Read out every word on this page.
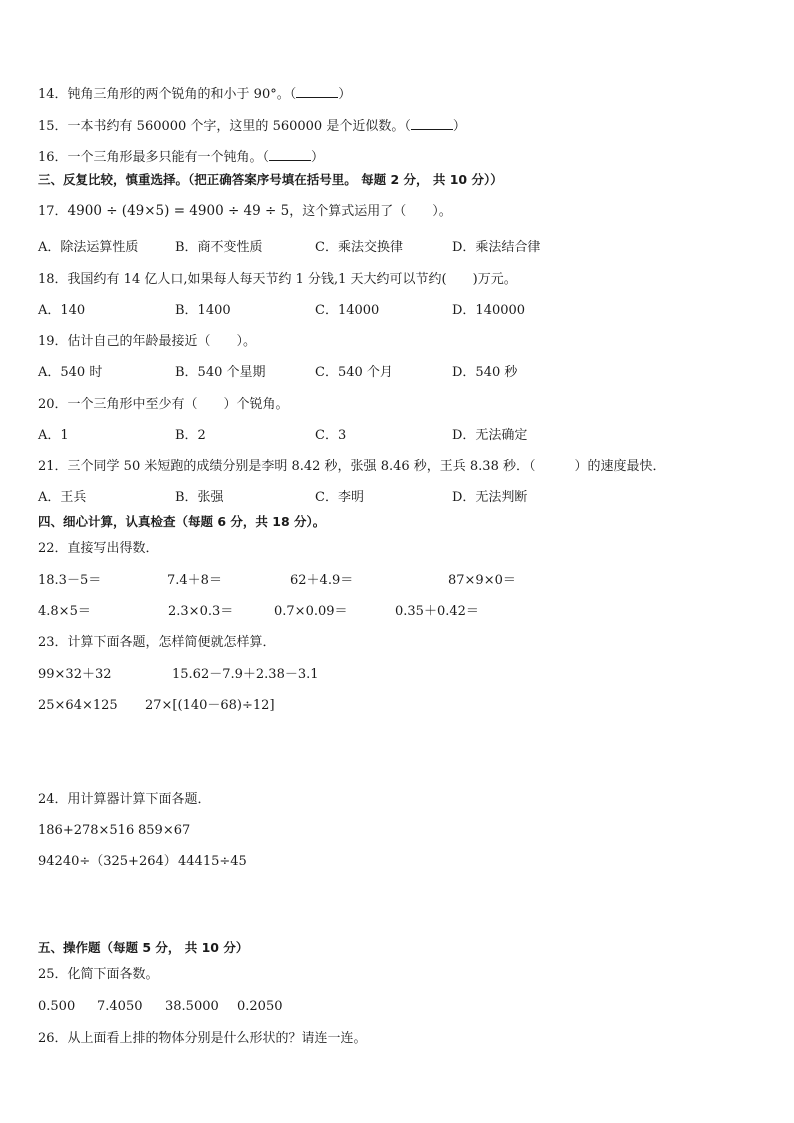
14．钝角三角形的两个锐角的和小于 90°。（	）
15．一本书约有 560000 个字，这里的 560000 是个近似数。（	）
16．一个三角形最多只能有一个钝角。（	）
三、反复比较，慎重选择。（把正确答案序号填在括号里。 每题 2 分， 共 10 分））
17．4900 ÷ (49×5) = 4900 ÷ 49 ÷ 5，这个算式运用了（　　）。
A．除法运算性质	B．商不变性质	C．乘法交换律	D．乘法结合律
18．我国约有 14 亿人口,如果每人每天节约 1 分钱,1 天大约可以节约(　　)万元。
A．140	B．1400	C．14000	D．140000
19．估计自己的年龄最接近（　　）。
A．540 时	B．540 个星期	C．540 个月	D．540 秒
20．一个三角形中至少有（　　）个锐角。
A．1	B．2	C．3	D．无法确定
21．三个同学 50 米短跑的成绩分别是李明 8.42 秒，张强 8.46 秒，王兵 8.38 秒．（　　　）的速度最快．
A．王兵	B．张强	C．李明	D．无法判断
四、细心计算，认真检查（每题 6 分，共 18 分）。
22．直接写出得数．
18.3－5＝	7.4＋8＝	62＋4.9＝	87×9×0＝
4.8×5＝	2.3×0.3＝	0.7×0.09＝	0.35＋0.42＝
23．计算下面各题，怎样简便就怎样算．
99×32＋32	15.62－7.9＋2.38－3.1
25×64×125 27×[(140－68)÷12]
24．用计算器计算下面各题．
186+278×516 859×67
94240÷（325+264） 44415÷45
五、操作题（每题 5 分， 共 10 分）
25．化简下面各数。
0.500 7.4050 38.5000 0.2050
26．从上面看上排的物体分别是什么形状的？请连一连。
